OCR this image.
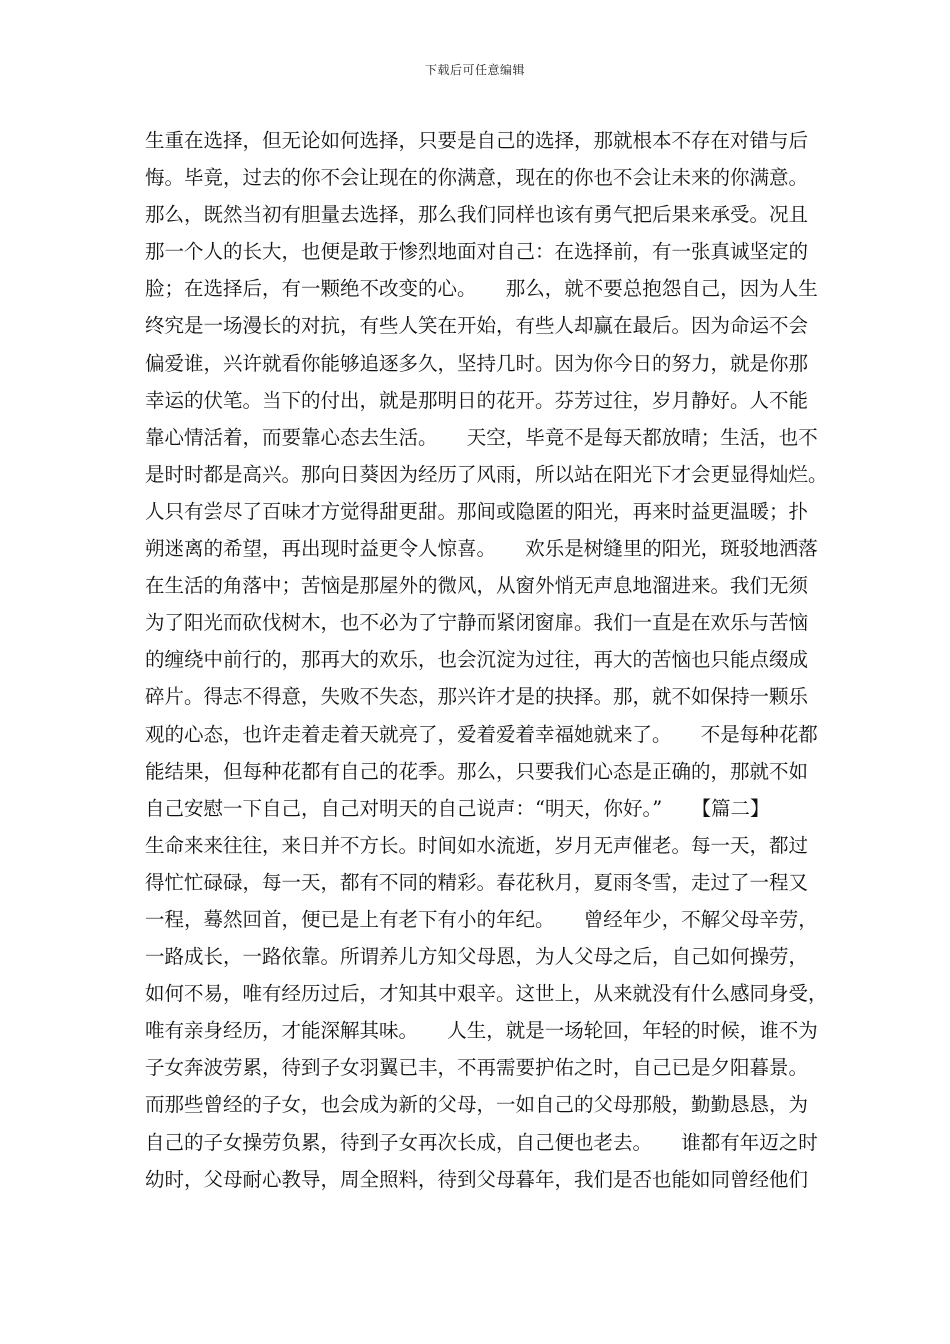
下载后可任意编辑
生重在选择，但无论如何选择，只要是自己的选择，那就根本不存在对错与后
悔。毕竟，过去的你不会让现在的你满意，现在的你也不会让未来的你满意。
那么，既然当初有胆量去选择，那么我们同样也该有勇气把后果来承受。况且
那一个人的长大，也便是敢于惨烈地面对自己：在选择前，有一张真诚坚定的
脸；在选择后，有一颗绝不改变的心。　　那么，就不要总抱怨自己，因为人生
终究是一场漫长的对抗，有些人笑在开始，有些人却赢在最后。因为命运不会
偏爱谁，兴许就看你能够追逐多久，坚持几时。因为你今日的努力，就是你那
幸运的伏笔。当下的付出，就是那明日的花开。芬芳过往，岁月静好。人不能
靠心情活着，而要靠心态去生活。　　天空，毕竟不是每天都放晴；生活，也不
是时时都是高兴。那向日葵因为经历了风雨，所以站在阳光下才会更显得灿烂。
人只有尝尽了百味才方觉得甜更甜。那间或隐匿的阳光，再来时益更温暖；扑
朔迷离的希望，再出现时益更令人惊喜。　　欢乐是树缝里的阳光，斑驳地洒落
在生活的角落中；苦恼是那屋外的微风，从窗外悄无声息地溜进来。我们无须
为了阳光而砍伐树木，也不必为了宁静而紧闭窗扉。我们一直是在欢乐与苦恼
的缠绕中前行的，那再大的欢乐，也会沉淀为过往，再大的苦恼也只能点缀成
碎片。得志不得意，失败不失态，那兴许才是的抉择。那，就不如保持一颗乐
观的心态，也许走着走着天就亮了，爱着爱着幸福她就来了。　　不是每种花都
能结果，但每种花都有自己的花季。那么，只要我们心态是正确的，那就不如
自己安慰一下自己，自己对明天的自己说声：“明天，你好。”　　【篇二】
生命来来往往，来日并不方长。时间如水流逝，岁月无声催老。每一天，都过
得忙忙碌碌，每一天，都有不同的精彩。春花秋月，夏雨冬雪，走过了一程又
一程，蓦然回首，便已是上有老下有小的年纪。　　曾经年少，不解父母辛劳，
一路成长，一路依靠。所谓养儿方知父母恩，为人父母之后，自己如何操劳，
如何不易，唯有经历过后，才知其中艰辛。这世上，从来就没有什么感同身受，
唯有亲身经历，才能深解其味。　　人生，就是一场轮回，年轻的时候，谁不为
子女奔波劳累，待到子女羽翼已丰，不再需要护佑之时，自己已是夕阳暮景。
而那些曾经的子女，也会成为新的父母，一如自己的父母那般，勤勤恳恳，为
自己的子女操劳负累，待到子女再次长成，自己便也老去。　　谁都有年迈之时
幼时，父母耐心教导，周全照料，待到父母暮年，我们是否也能如同曾经他们
